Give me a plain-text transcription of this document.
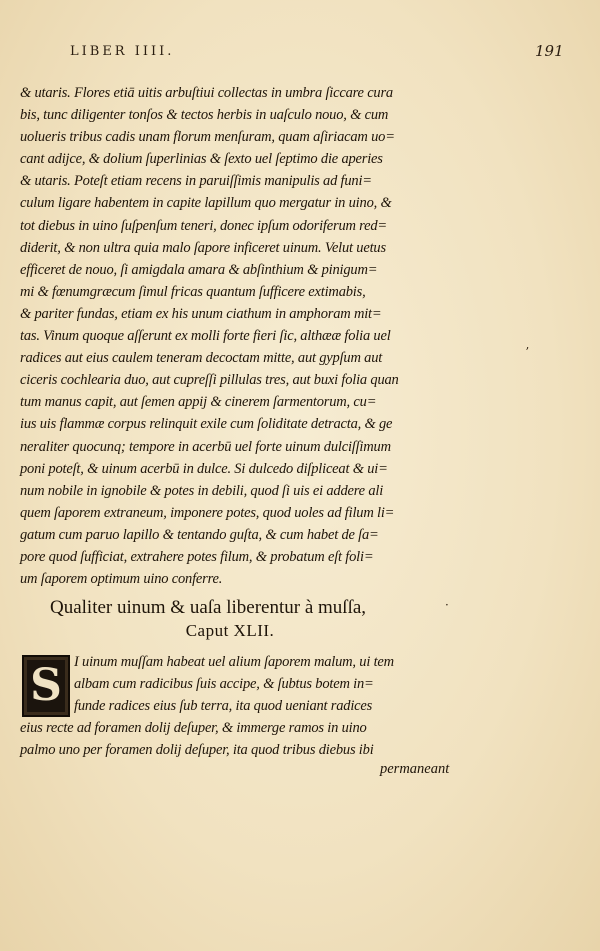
LIBER IIII.	191
& utaris. Flores etiā uitis arbuſtiui collectas in umbra ſiccare cura
bis, tunc diligenter tonſos & tectos herbis in uaſculo nouo, & cum
uolueris tribus cadis unam florum menſuram, quam aſiriacam uo=
cant adijce, & dolium ſuperlinias & ſexto uel ſeptimo die aperies
& utaris. Poteſt etiam recens in paruiſſimis manipulis ad funi=
culum ligare habentem in capite lapillum quo mergatur in uino, &
tot diebus in uino ſuſpenſum teneri, donec ipſum odoriferum red=
diderit, & non ultra quia malo ſapore inficeret uinum. Velut uetus
efficeret de nouo, ſi amigdala amara & abſinthium & pinigum=
mi & fœnumgræcum ſimul fricas quantum ſufficere extimabis,
& pariter fundas, etiam ex his unum ciathum in amphoram mit=
tas. Vinum quoque aſſerunt ex molli forte fieri ſic, althææ folia uel
radices aut eius caulem teneram decoctam mitte, aut gypſum aut
ciceris cochlearia duo, aut cupreſſi pillulas tres, aut buxi folia quan
tum manus capit, aut ſemen appij & cinerem ſarmentorum, cu=
ius uis flammæ corpus relinquit exile cum ſoliditate detracta, & ge
neraliter quocunq; tempore in acerbū uel forte uinum dulciſſimum
poni poteſt, & uinum acerbū in dulce. Si dulcedo diſpliceat & ui=
num nobile in ignobile & potes in debili, quod ſi uis ei addere ali
quem ſaporem extraneum, imponere potes, quod uoles ad filum li=
gatum cum paruo lapillo & tentando guſta, & cum habet de ſa=
pore quod ſufficiat, extrahere potes filum, & probatum eſt foli=
um ſaporem optimum uino conferre.
Qualiter uinum & uaſa liberentur à muſſa,
Caput XLII.
S I uinum muſſam habeat uel alium ſaporem malum, ui tem
albam cum radicibus ſuis accipe, & ſubtus botem in=
funde radices eius ſub terra, ita quod ueniant radices
eius recte ad foramen dolij deſuper, & immerge ramos in uino
palmo uno per foramen dolij deſuper, ita quod tribus diebus ibi
permaneant
ʼ
·
